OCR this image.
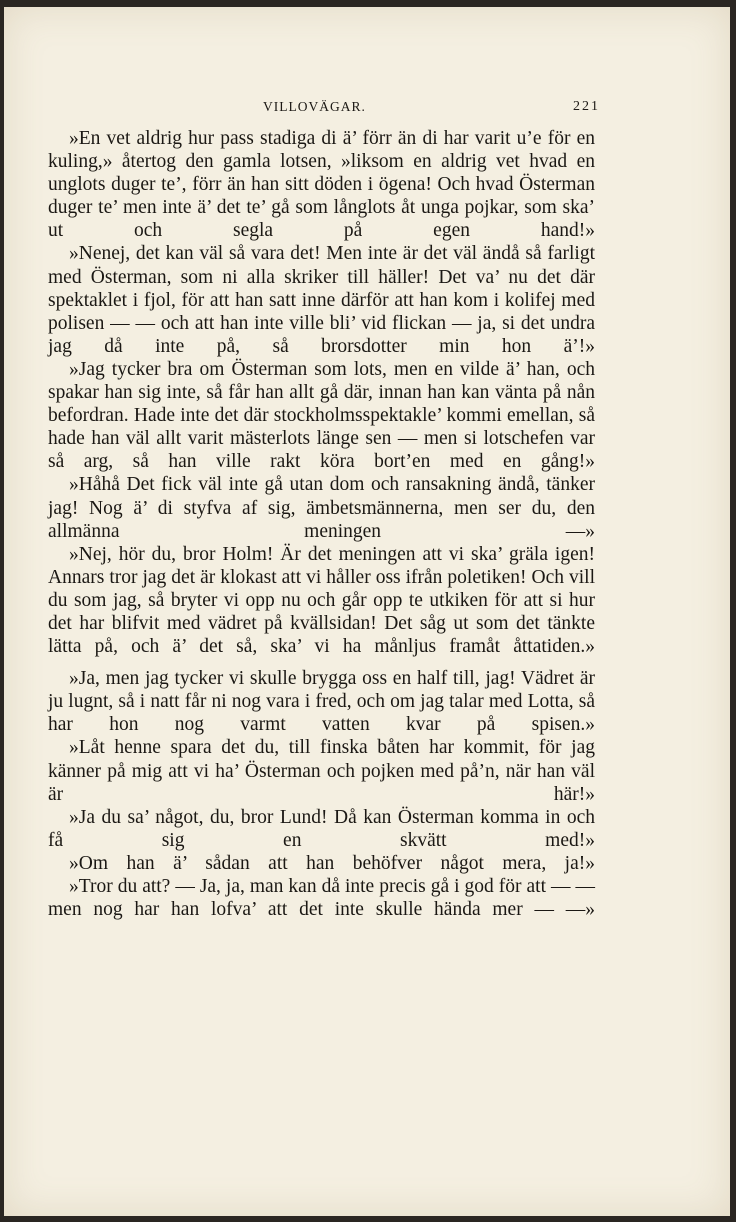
VILLOVÄGAR.	221

»En vet aldrig hur pass stadiga di ä’ förr än di har varit u’e för en kuling,» återtog den gamla lotsen, »liksom en aldrig vet hvad en unglots duger te’, förr än han sitt döden i ögena! Och hvad Österman duger te’ men inte ä’ det te’ gå som långlots åt unga pojkar, som ska’ ut och segla på egen hand!»

»Nenej, det kan väl så vara det! Men inte är det väl ändå så farligt med Österman, som ni alla skriker till häller! Det va’ nu det där spektaklet i fjol, för att han satt inne därför att han kom i kolifej med polisen — — och att han inte ville bli’ vid flickan — ja, si det undra jag då inte på, så brorsdotter min hon ä’!»

»Jag tycker bra om Österman som lots, men en vilde ä’ han, och spakar han sig inte, så får han allt gå där, innan han kan vänta på nån befordran. Hade inte det där stockholmsspektakle’ kommi emellan, så hade han väl allt varit mästerlots länge sen — men si lotschefen var så arg, så han ville rakt köra bort’en med en gång!»

»Håhå Det fick väl inte gå utan dom och ransakning ändå, tänker jag! Nog ä’ di styfva af sig, ämbetsmännerna, men ser du, den allmänna meningen —»

»Nej, hör du, bror Holm! Är det meningen att vi ska’ gräla igen! Annars tror jag det är klokast att vi håller oss ifrån poletiken! Och vill du som jag, så bryter vi opp nu och går opp te utkiken för att si hur det har blifvit med vädret på kvällsidan! Det såg ut som det tänkte lätta på, och ä’ det så, ska’ vi ha månljus framåt åttatiden.»

»Ja, men jag tycker vi skulle brygga oss en half till, jag! Vädret är ju lugnt, så i natt får ni nog vara i fred, och om jag talar med Lotta, så har hon nog varmt vatten kvar på spisen.»

»Låt henne spara det du, till finska båten har kommit, för jag känner på mig att vi ha’ Österman och pojken med på’n, när han väl är här!»

»Ja du sa’ något, du, bror Lund! Då kan Österman komma in och få sig en skvätt med!»

»Om han ä’ sådan att han behöfver något mera, ja!»

»Tror du att? — Ja, ja, man kan då inte precis gå i god för att — — men nog har han lofva’ att det inte skulle hända mer — —»
